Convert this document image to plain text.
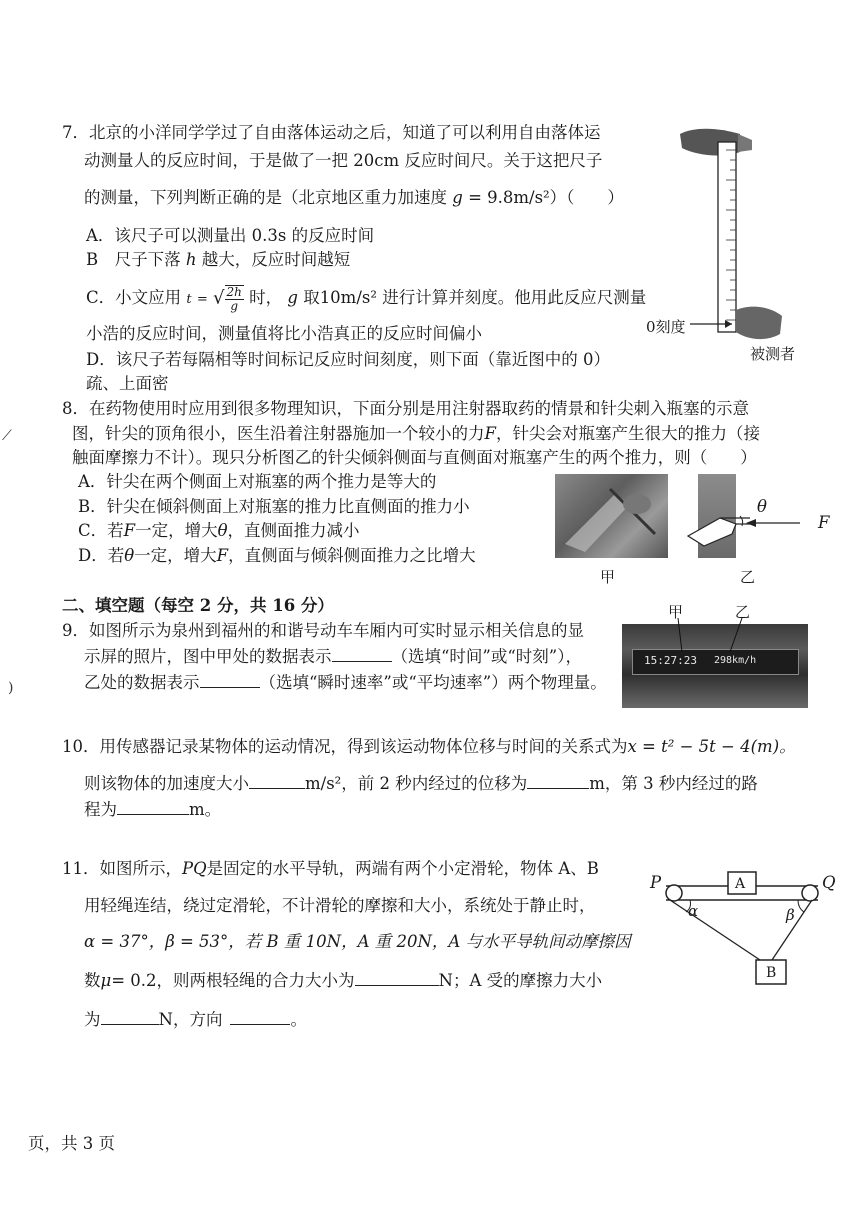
7．北京的小洋同学学过了自由落体运动之后，知道了可以利用自由落体运
动测量人的反应时间，于是做了一把 20cm 反应时间尺。关于这把尺子
的测量，下列判断正确的是（北京地区重力加速度 g = 9.8m/s²）（　　）
A．该尺子可以测量出 0.3s 的反应时间
B　尺子下落 h 越大，反应时间越短
C．小文应用 t = √ $\frac{2h}{g}$ 时， g 取10m/s² 进行计算并刻度。他用此反应尺测量
小浩的反应时间，测量值将比小浩真正的反应时间偏小
D．该尺子若每隔相等时间标记反应时间刻度，则下面（靠近图中的 0）
疏、上面密
0刻度
被测者
8．在药物使用时应用到很多物理知识，下面分别是用注射器取药的情景和针尖刺入瓶塞的示意
图，针尖的顶角很小，医生沿着注射器施加一个较小的力F，针尖会对瓶塞产生很大的推力（接
触面摩擦力不计）。现只分析图乙的针尖倾斜侧面与直侧面对瓶塞产生的两个推力，则（　　）
A．针尖在两个侧面上对瓶塞的两个推力是等大的
B．针尖在倾斜侧面上对瓶塞的推力比直侧面的推力小
C．若F一定，增大θ，直侧面推力减小
D．若θ一定，增大F，直侧面与倾斜侧面推力之比增大
甲
θ
F
乙
二、填空题（每空 2 分，共 16 分）
9．如图所示为泉州到福州的和谐号动车车厢内可实时显示相关信息的显
示屏的照片，图中甲处的数据表示	（选填“时间”或“时刻”），
乙处的数据表示	（选填“瞬时速率”或“平均速率”）两个物理量。
15:27:23 298km/h
甲	乙
10．用传感器记录某物体的运动情况，得到该运动物体位移与时间的关系式为x = t² − 5t − 4(m)。
则该物体的加速度大小	m/s²，前 2 秒内经过的位移为	m，第 3 秒内经过的路
程为	m。
11．如图所示，PQ是固定的水平导轨，两端有两个小定滑轮，物体 A、B
用轻绳连结，绕过定滑轮，不计滑轮的摩擦和大小，系统处于静止时，
α = 37°，β = 53°，若 B 重 10N，A 重 20N，A 与水平导轨间动摩擦因
数μ= 0.2，则两根轻绳的合力大小为	N；A 受的摩擦力大小
为	N，方向	。
P	Q
A
B
α	β
⟋
)
页，共 3 页
